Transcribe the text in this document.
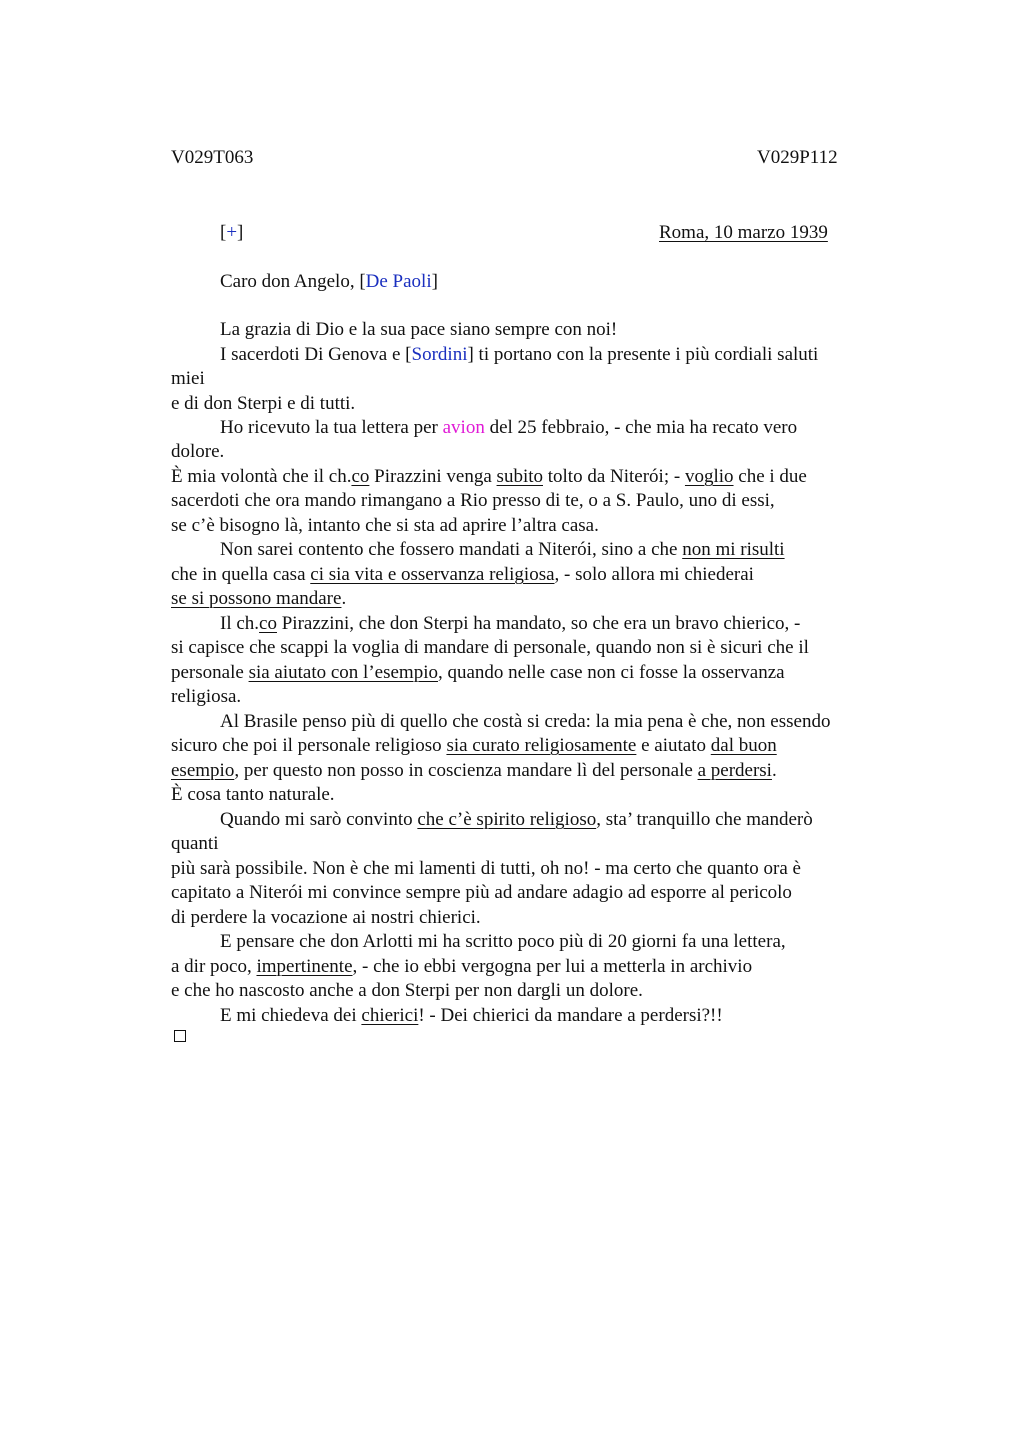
V029T063	V029P112
[+]	Roma, 10 marzo 1939
Caro don Angelo, [De Paoli]
La grazia di Dio e la sua pace siano sempre con noi!
I sacerdoti Di Genova e [Sordini] ti portano con la presente i più cordiali saluti
miei
e di don Sterpi e di tutti.
Ho ricevuto la tua lettera per avion del 25 febbraio, - che mia ha recato vero
dolore.
È mia volontà che il ch.co Pirazzini venga subito tolto da Niterói; - voglio che i due
sacerdoti che ora mando rimangano a Rio presso di te, o a S. Paulo, uno di essi,
se c’è bisogno là, intanto che si sta ad aprire l’altra casa.
Non sarei contento che fossero mandati a Niterói, sino a che non mi risulti
che in quella casa ci sia vita e osservanza religiosa, - solo allora mi chiederai
se si possono mandare.
Il ch.co Pirazzini, che don Sterpi ha mandato, so che era un bravo chierico, -
si capisce che scappi la voglia di mandare di personale, quando non si è sicuri che il
personale sia aiutato con l’esempio, quando nelle case non ci fosse la osservanza
religiosa.
Al Brasile penso più di quello che costà si creda: la mia pena è che, non essendo
sicuro che poi il personale religioso sia curato religiosamente e aiutato dal buon
esempio, per questo non posso in coscienza mandare lì del personale a perdersi.
È cosa tanto naturale.
Quando mi sarò convinto che c’è spirito religioso, sta’ tranquillo che manderò
quanti
più sarà possibile. Non è che mi lamenti di tutti, oh no! - ma certo che quanto ora è
capitato a Niterói mi convince sempre più ad andare adagio ad esporre al pericolo
di perdere la vocazione ai nostri chierici.
E pensare che don Arlotti mi ha scritto poco più di 20 giorni fa una lettera,
a dir poco, impertinente, - che io ebbi vergogna per lui a metterla in archivio
e che ho nascosto anche a don Sterpi per non dargli un dolore.
E mi chiedeva dei chierici! - Dei chierici da mandare a perdersi?!!
